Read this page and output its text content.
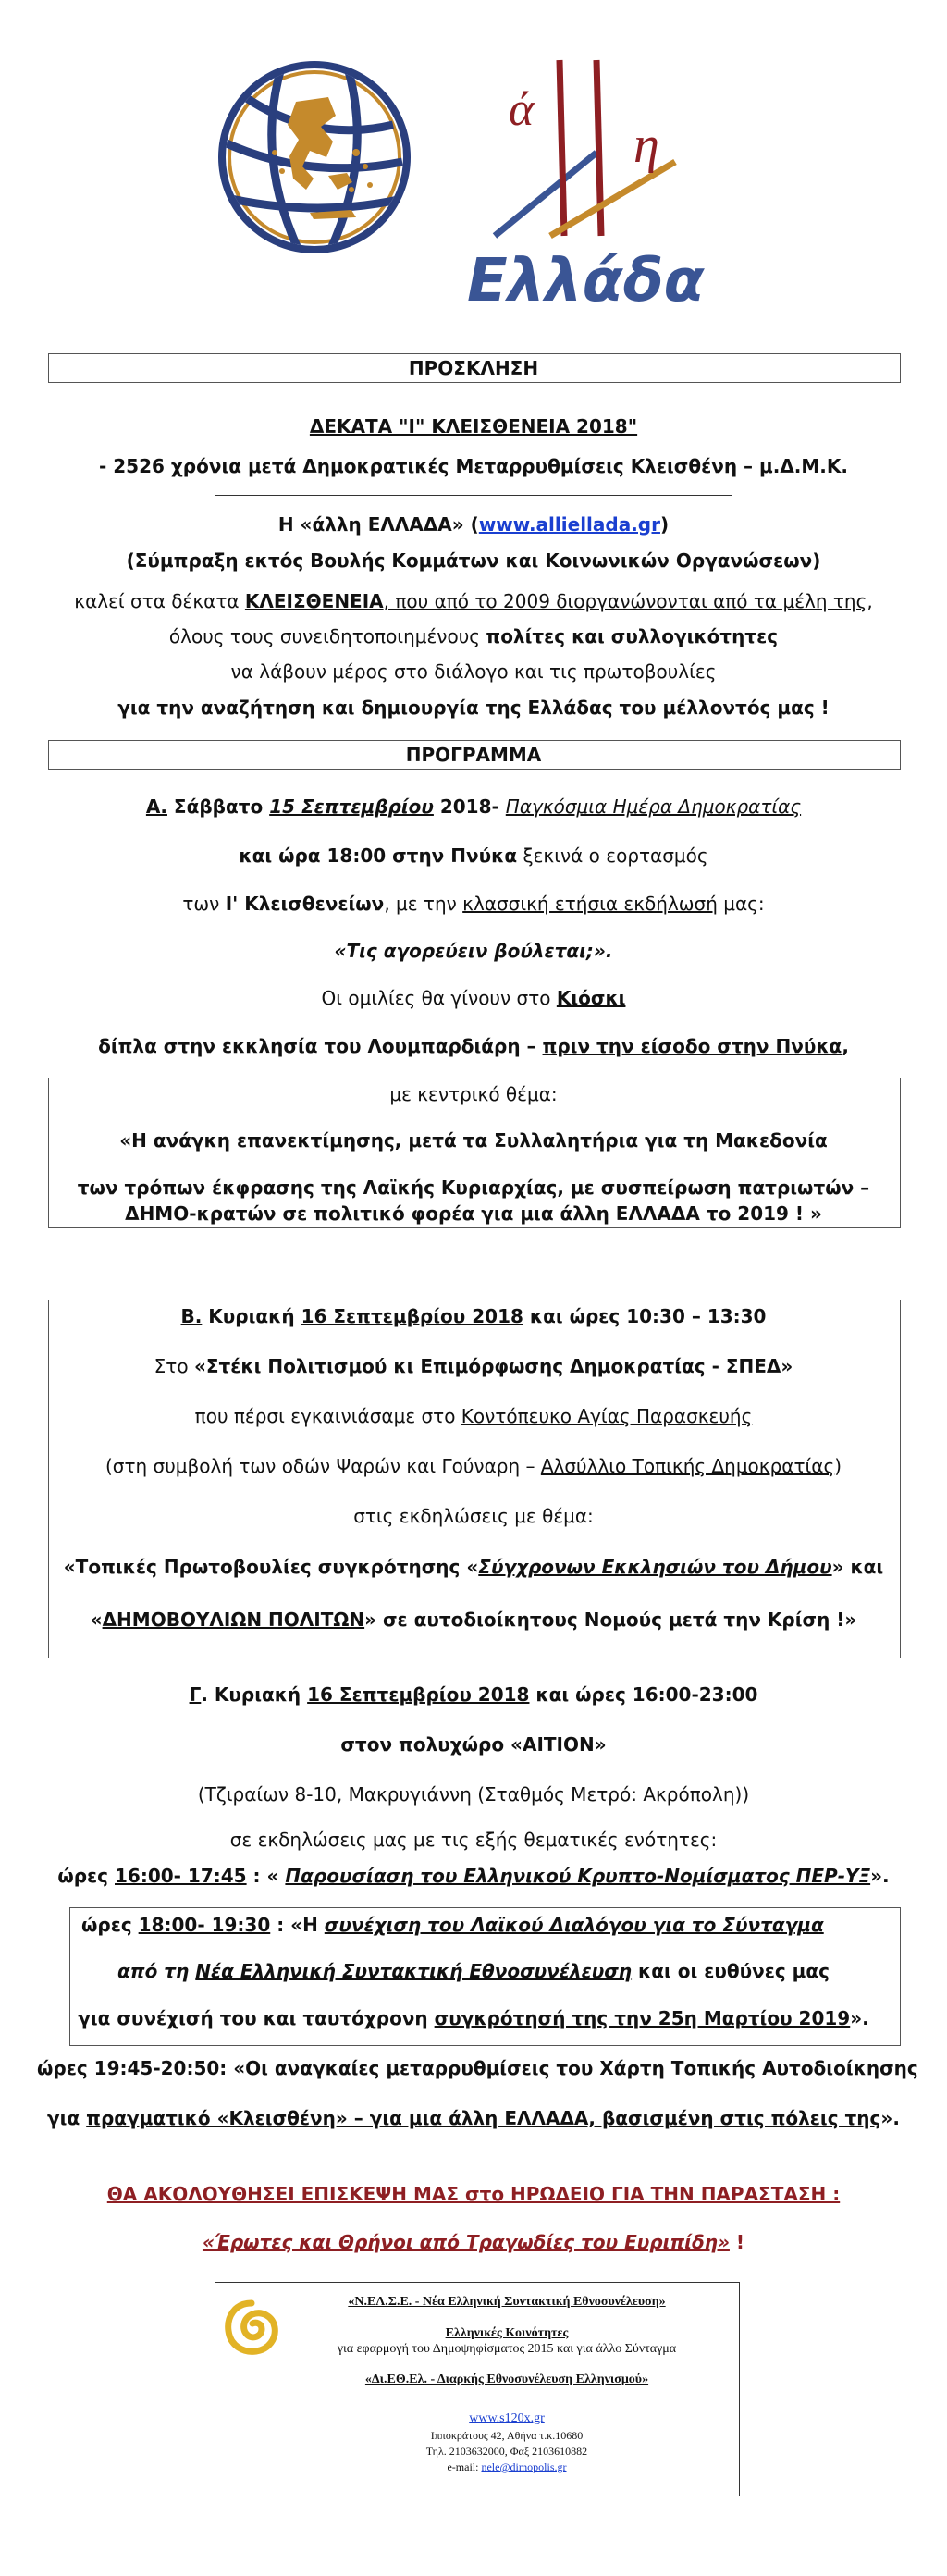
ά
η
Ελλάδα
ΠΡΟΣΚΛΗΣΗ
ΔΕΚΑΤΑ "Ι" ΚΛΕΙΣΘΕΝΕΙΑ 2018"
- 2526 χρόνια μετά Δημοκρατικές Μεταρρυθμίσεις Κλεισθένη – μ.Δ.Μ.Κ.
Η «άλλη ΕΛΛΑΔΑ» (www.alliellada.gr)
(Σύμπραξη εκτός Βουλής Κομμάτων και Κοινωνικών Οργανώσεων)
καλεί στα δέκατα ΚΛΕΙΣΘΕΝΕΙΑ, που από το 2009 διοργανώνονται από τα μέλη της,
όλους τους συνειδητοποιημένους πολίτες και συλλογικότητες
να λάβουν μέρος στο διάλογο και τις πρωτοβουλίες
για την αναζήτηση και δημιουργία της Ελλάδας του μέλλοντός μας !
ΠΡΟΓΡΑΜΜΑ
Α. Σάββατο 15 Σεπτεμβρίου 2018- Παγκόσμια Ημέρα Δημοκρατίας
και ώρα 18:00 στην Πνύκα ξεκινά ο εορτασμός
των Ι' Κλεισθενείων, με την κλασσική ετήσια εκδήλωσή μας:
«Τις αγορεύειν βούλεται;».
Οι ομιλίες θα γίνουν στο Κιόσκι
δίπλα στην εκκλησία του Λουμπαρδιάρη – πριν την είσοδο στην Πνύκα,
με κεντρικό θέμα:
«Η ανάγκη επανεκτίμησης, μετά τα Συλλαλητήρια για τη Μακεδονία
των τρόπων έκφρασης της Λαϊκής Κυριαρχίας, με συσπείρωση πατριωτών –
ΔΗΜΟ-κρατών σε πολιτικό φορέα για μια άλλη ΕΛΛΑΔΑ το 2019 ! »
Β. Κυριακή 16 Σεπτεμβρίου 2018 και ώρες 10:30 – 13:30
Στο «Στέκι Πολιτισμού κι Επιμόρφωσης Δημοκρατίας - ΣΠΕΔ»
που πέρσι εγκαινιάσαμε στο Κοντόπευκο Αγίας Παρασκευής
(στη συμβολή των οδών Ψαρών και Γούναρη – Αλσύλλιο Τοπικής Δημοκρατίας)
στις εκδηλώσεις με θέμα:
«Τοπικές Πρωτοβουλίες συγκρότησης «Σύγχρονων Εκκλησιών του Δήμου» και
«ΔΗΜΟΒΟΥΛΙΩΝ ΠΟΛΙΤΩΝ» σε αυτοδιοίκητους Νομούς μετά την Κρίση !»
Γ. Κυριακή 16 Σεπτεμβρίου 2018 και ώρες 16:00-23:00
στον πολυχώρο «ΑΙΤΙΟΝ»
(Τζιραίων 8-10, Μακρυγιάννη (Σταθμός Μετρό: Ακρόπολη))
σε εκδηλώσεις μας με τις εξής θεματικές ενότητες:
ώρες 16:00- 17:45 : « Παρουσίαση του Ελληνικού Κρυπτο-Νομίσματος ΠΕΡ-ΥΞ».
ώρες 18:00- 19:30 : «Η συνέχιση του Λαϊκού Διαλόγου για το Σύνταγμα
από τη Νέα Ελληνική Συντακτική Εθνοσυνέλευση και οι ευθύνες μας
για συνέχισή του και ταυτόχρονη συγκρότησή της την 25η Μαρτίου 2019».
ώρες 19:45-20:50: «Οι αναγκαίες μεταρρυθμίσεις του Χάρτη Τοπικής Αυτοδιοίκησης
για πραγματικό «Κλεισθένη» – για μια άλλη ΕΛΛΑΔΑ, βασισμένη στις πόλεις της».
ΘΑ ΑΚΟΛΟΥΘΗΣΕΙ ΕΠΙΣΚΕΨΗ ΜΑΣ στο ΗΡΩΔΕΙΟ ΓΙΑ ΤΗΝ ΠΑΡΑΣΤΑΣΗ :
«Έρωτες και Θρήνοι από Τραγωδίες του Ευριπίδη» !
«Ν.ΕΛ.Σ.Ε. - Νέα Ελληνική Συντακτική Εθνοσυνέλευση»
Ελληνικές Κοινότητες
για εφαρμογή του Δημοψηφίσματος 2015 και για άλλο Σύνταγμα
«Δι.ΕΘ.Ελ. - Διαρκής Εθνοσυνέλευση Ελληνισμού»
www.s120x.gr
Ιπποκράτους 42, Αθήνα τ.κ.10680
Τηλ. 2103632000, Φαξ 2103610882
e-mail: nele@dimopolis.gr
